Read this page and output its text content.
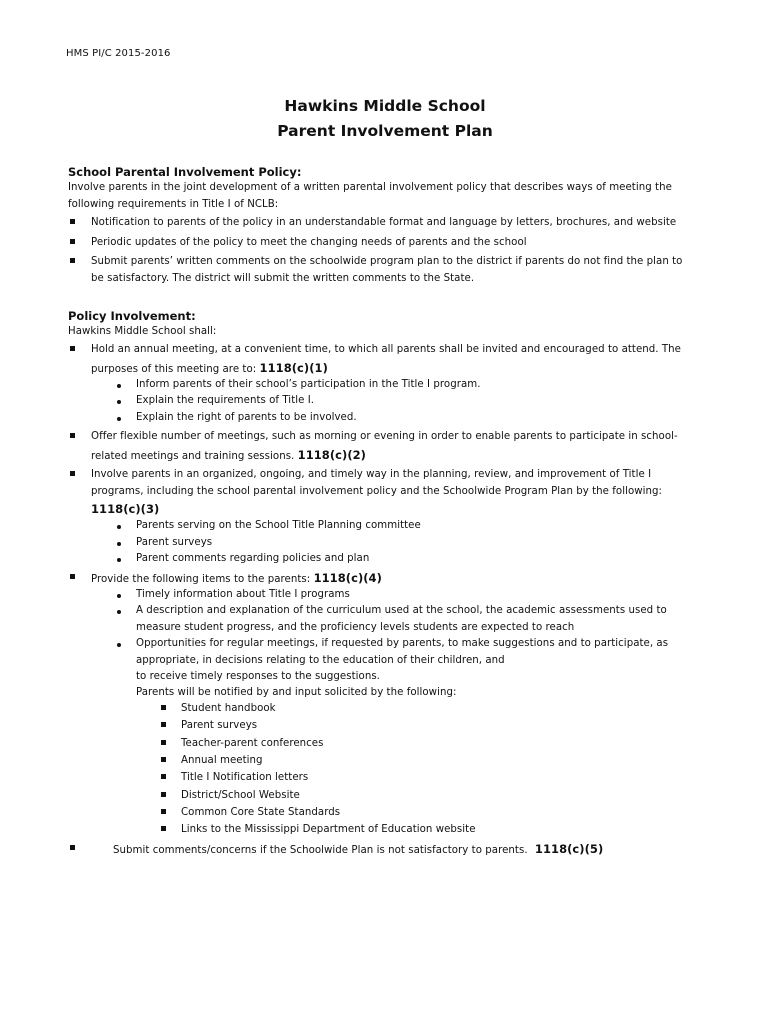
HMS PI/C 2015-2016
Hawkins Middle School
Parent Involvement Plan
School Parental Involvement Policy:
Involve parents in the joint development of a written parental involvement policy that describes ways of meeting the
following requirements in Title I of NCLB:
Notification to parents of the policy in an understandable format and language by letters, brochures, and website
Periodic updates of the policy to meet the changing needs of parents and the school
Submit parents’ written comments on the schoolwide program plan to the district if parents do not find the plan to
be satisfactory. The district will submit the written comments to the State.
Policy Involvement:
Hawkins Middle School shall:
Hold an annual meeting, at a convenient time, to which all parents shall be invited and encouraged to attend. The
purposes of this meeting are to: 1118(c)(1)
Inform parents of their school’s participation in the Title I program.
Explain the requirements of Title I.
Explain the right of parents to be involved.
Offer flexible number of meetings, such as morning or evening in order to enable parents to participate in school-
related meetings and training sessions. 1118(c)(2)
Involve parents in an organized, ongoing, and timely way in the planning, review, and improvement of Title I
programs, including the school parental involvement policy and the Schoolwide Program Plan by the following:
1118(c)(3)
Parents serving on the School Title Planning committee
Parent surveys
Parent comments regarding policies and plan
Provide the following items to the parents: 1118(c)(4)
Timely information about Title I programs
A description and explanation of the curriculum used at the school, the academic assessments used to
measure student progress, and the proficiency levels students are expected to reach
Opportunities for regular meetings, if requested by parents, to make suggestions and to participate, as
appropriate, in decisions relating to the education of their children, and
to receive timely responses to the suggestions.
Parents will be notified by and input solicited by the following:
Student handbook
Parent surveys
Teacher-parent conferences
Annual meeting
Title I Notification letters
District/School Website
Common Core State Standards
Links to the Mississippi Department of Education website
Submit comments/concerns if the Schoolwide Plan is not satisfactory to parents. 1118(c)(5)
